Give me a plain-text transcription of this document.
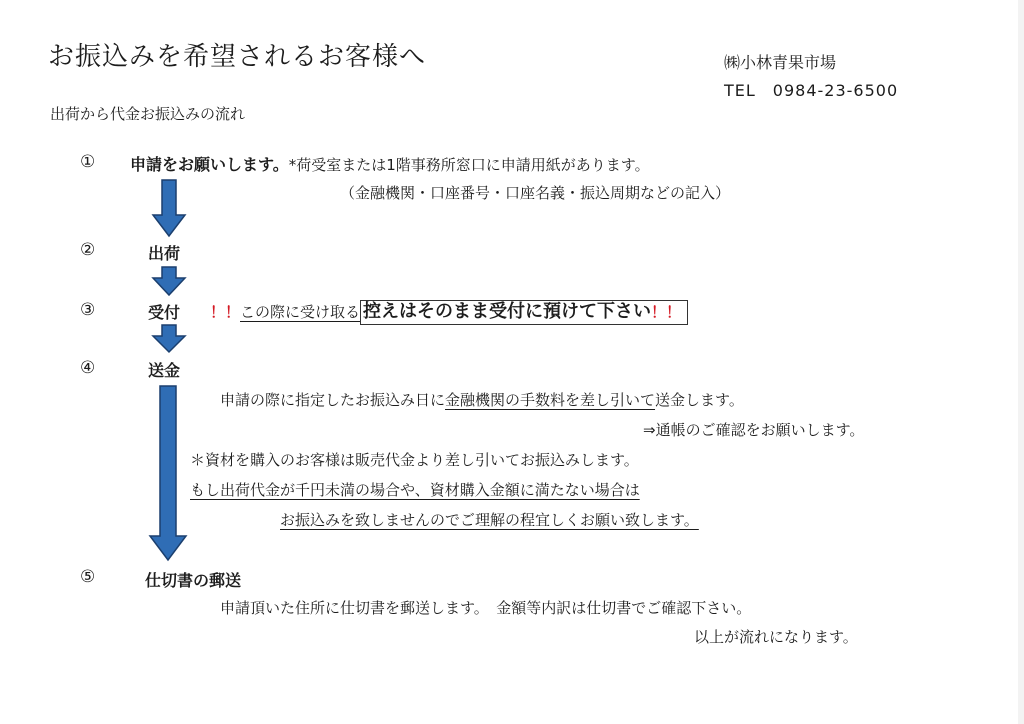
お振込みを希望されるお客様へ	㈱小林青果市場
TEL　0984-23-6500
出荷から代金お振込みの流れ
① 申請をお願いします。*荷受室または1階事務所窓口に申請用紙があります。
（金融機関・口座番号・口座名義・振込周期などの記入）
②	出荷
③	受付 ！！この際に受け取る 控えはそのまま受付に預けて下さい！！
④	送金
申請の際に指定したお振込み日に金融機関の手数料を差し引いて送金します。
⇒通帳のご確認をお願いします。
＊資材を購入のお客様は販売代金より差し引いてお振込みします。
もし出荷代金が千円未満の場合や、資材購入金額に満たない場合は
お振込みを致しませんのでご理解の程宜しくお願い致します。
⑤	仕切書の郵送
申請頂いた住所に仕切書を郵送します。　金額等内訳は仕切書でご確認下さい。
以上が流れになります。
